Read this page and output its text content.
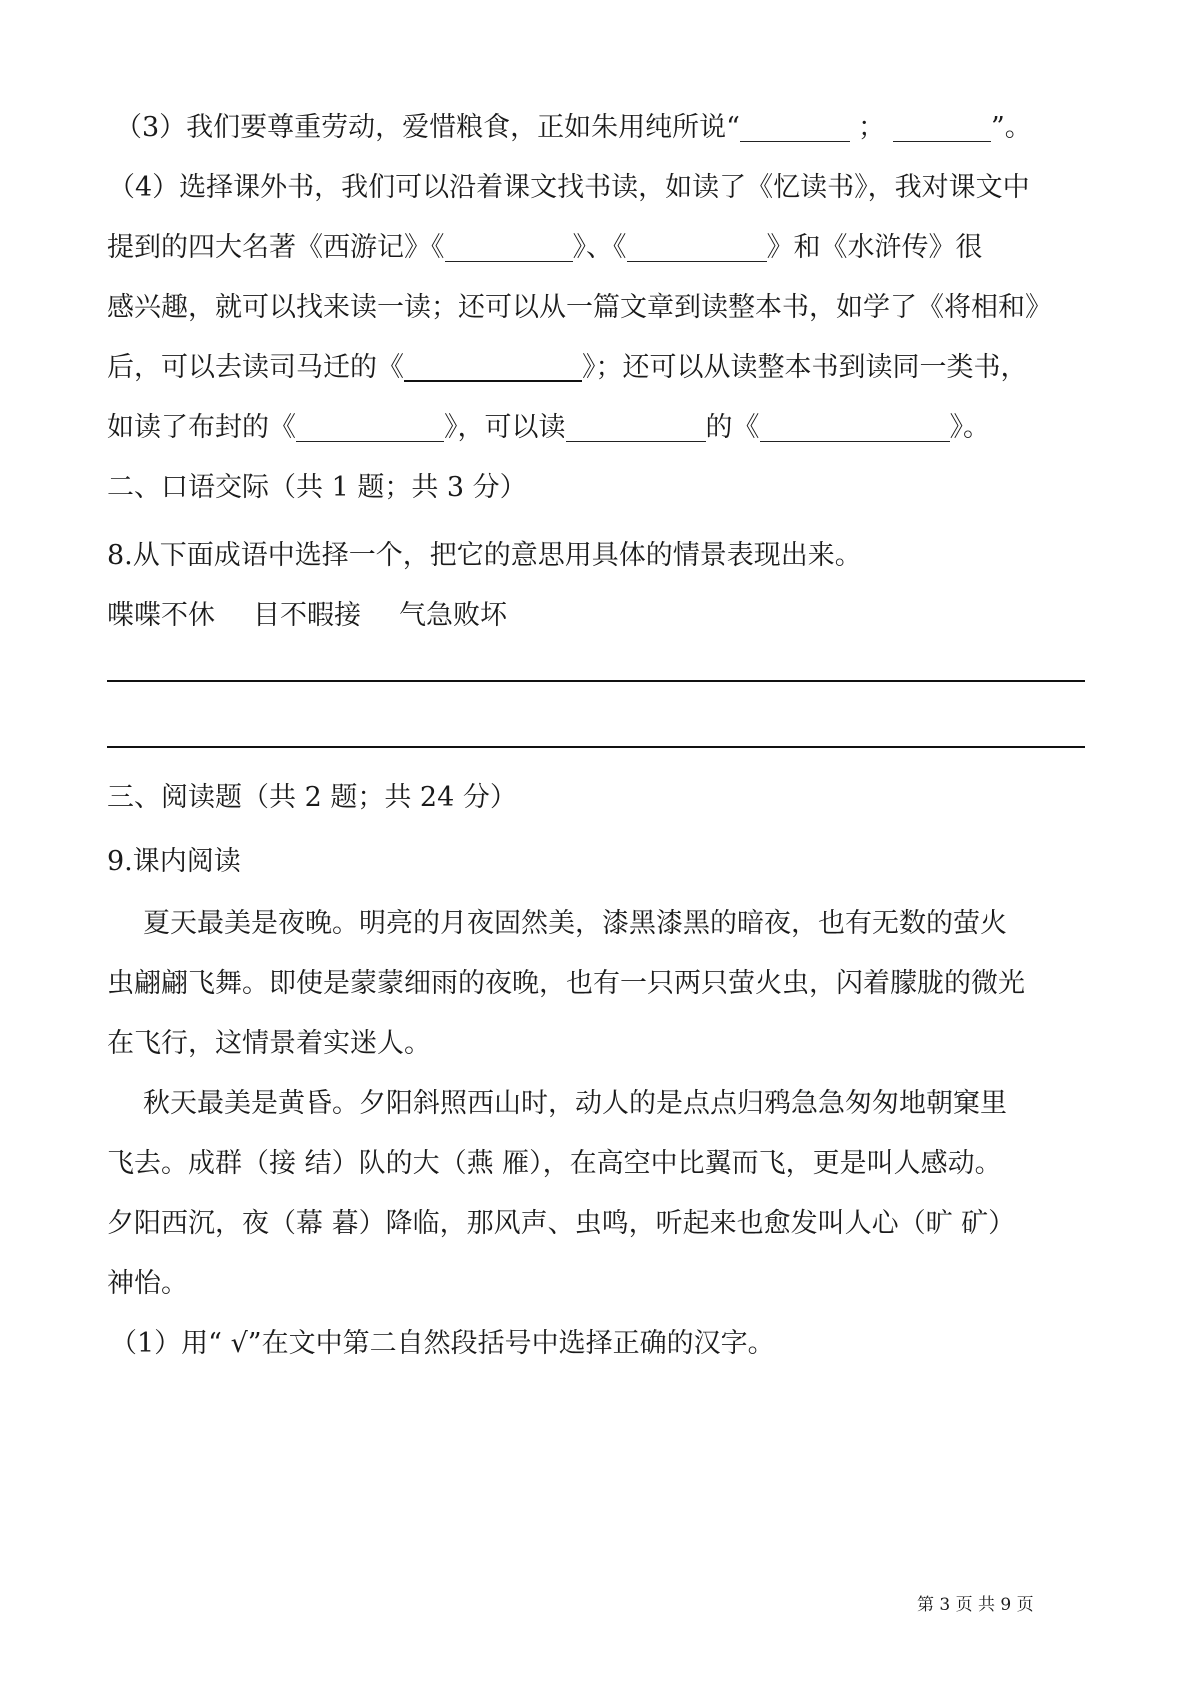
（3）我们要尊重劳动，爱惜粮食，正如朱用纯所说“	；	”。
（4）选择课外书，我们可以沿着课文找书读，如读了《忆读书》，我对课文中
提到的四大名著《西游记》《	》、《	》和《水浒传》很
感兴趣，就可以找来读一读；还可以从一篇文章到读整本书，如学了《将相和》
后，可以去读司马迁的《	》；还可以从读整本书到读同一类书，
如读了布封的《	》，可以读	的《	》。
二、口语交际（共 1 题；共 3 分）
8.从下面成语中选择一个，把它的意思用具体的情景表现出来。
喋喋不休 目不暇接 气急败坏
三、阅读题（共 2 题；共 24 分）
9.课内阅读
夏天最美是夜晚。明亮的月夜固然美，漆黑漆黑的暗夜，也有无数的萤火
虫翩翩飞舞。即使是蒙蒙细雨的夜晚，也有一只两只萤火虫，闪着朦胧的微光
在飞行，这情景着实迷人。
秋天最美是黄昏。夕阳斜照西山时，动人的是点点归鸦急急匆匆地朝窠里
飞去。成群（接 结）队的大（燕 雁），在高空中比翼而飞，更是叫人感动。
夕阳西沉，夜（幕 暮）降临，那风声、虫鸣，听起来也愈发叫人心（旷 矿）
神怡。
（1）用“ √”在文中第二自然段括号中选择正确的汉字。
第 3 页 共 9 页
